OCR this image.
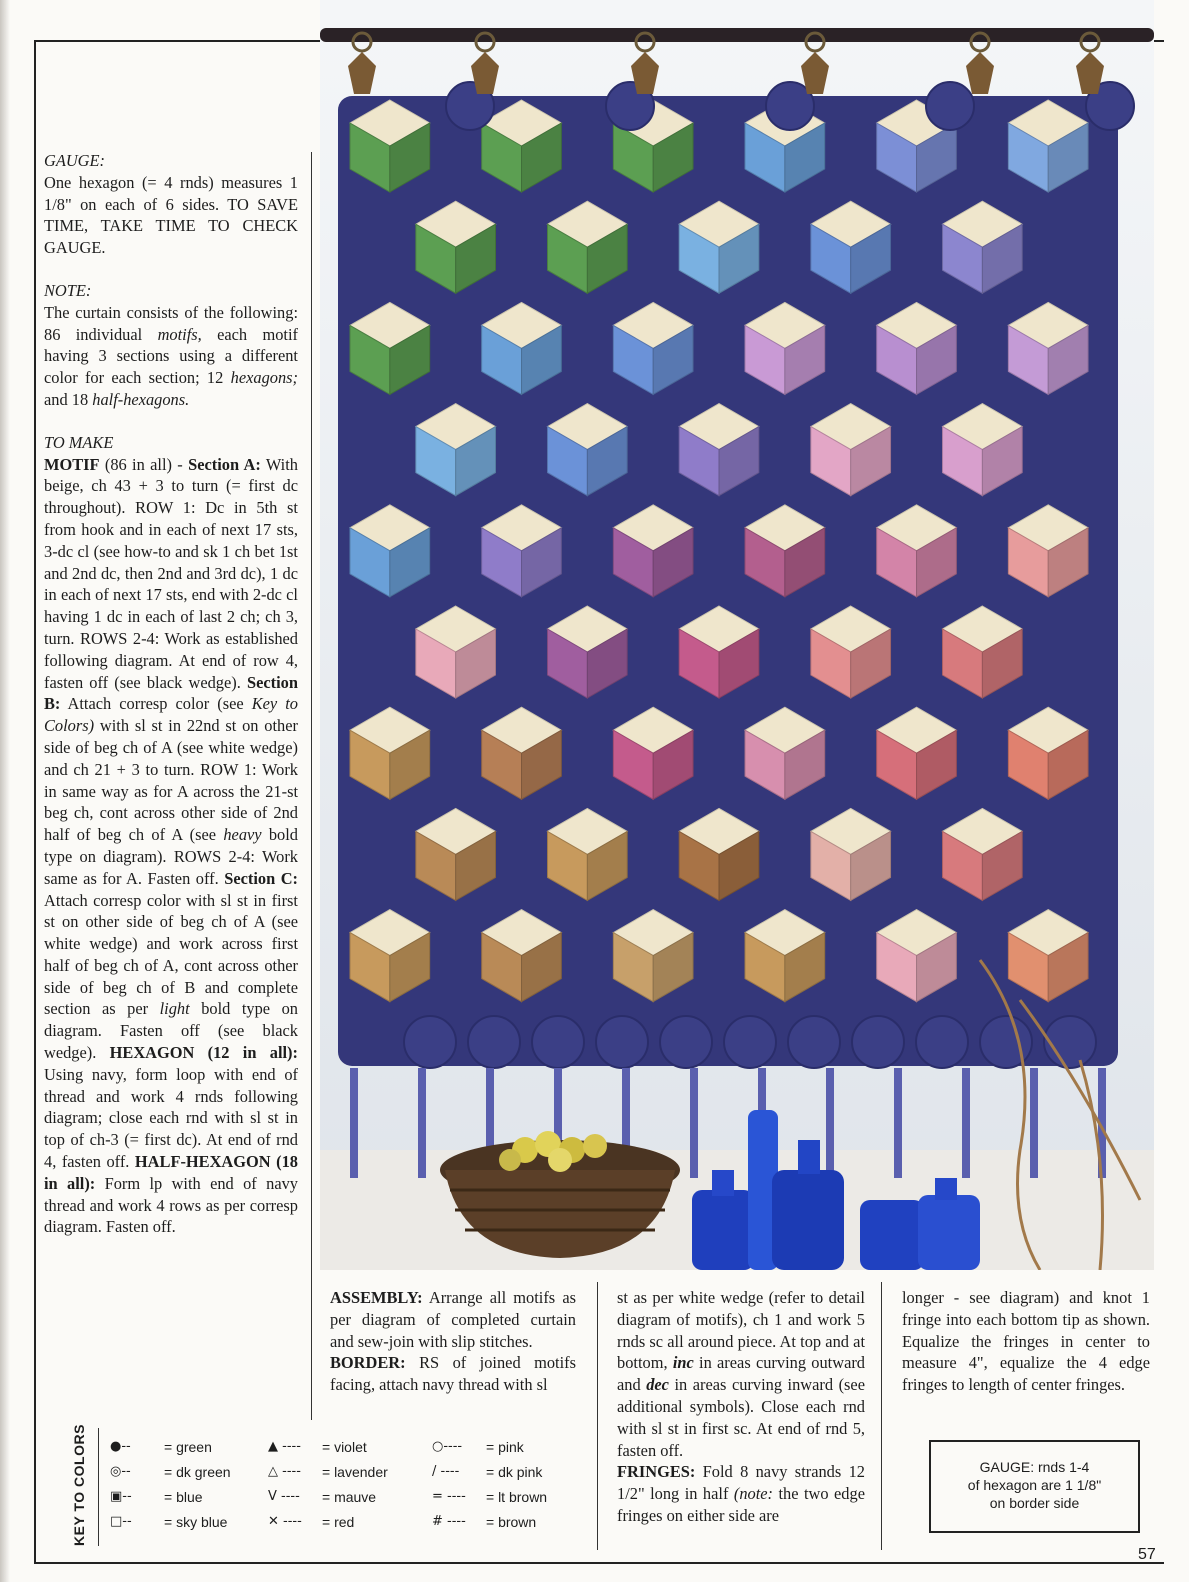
GAUGE:
One hexagon (= 4 rnds) measures 1 1/8" on each of 6 sides. TO SAVE TIME, TAKE TIME TO CHECK GAUGE.

NOTE:
The curtain consists of the following: 86 individual motifs, each motif having 3 sections using a different color for each section; 12 hexagons; and 18 half-hexagons.

TO MAKE
MOTIF (86 in all) - Section A: With beige, ch 43 + 3 to turn (= first dc throughout). ROW 1: Dc in 5th st from hook and in each of next 17 sts, 3-dc cl (see how-to and sk 1 ch bet 1st and 2nd dc, then 2nd and 3rd dc), 1 dc in each of next 17 sts, end with 2-dc cl having 1 dc in each of last 2 ch; ch 3, turn. ROWS 2-4: Work as established following diagram. At end of row 4, fasten off (see black wedge). Section B: Attach corresp color (see Key to Colors) with sl st in 22nd st on other side of beg ch of A (see white wedge) and ch 21 + 3 to turn. ROW 1: Work in same way as for A across the 21-st beg ch, cont across other side of 2nd half of beg ch of A (see heavy bold type on diagram). ROWS 2-4: Work same as for A. Fasten off. Section C: Attach corresp color with sl st in first st on other side of beg ch of A (see white wedge) and work across first half of beg ch of A, cont across other side of beg ch of B and complete section as per light bold type on diagram. Fasten off (see black wedge). HEXAGON (12 in all): Using navy, form loop with end of thread and work 4 rnds following diagram; close each rnd with sl st in top of ch-3 (= first dc). At end of rnd 4, fasten off. HALF-HEXAGON (18 in all): Form lp with end of navy thread and work 4 rows as per corresp diagram. Fasten off.

ASSEMBLY: Arrange all motifs as per diagram of completed curtain and sew-join with slip stitches.
BORDER: RS of joined motifs facing, attach navy thread with sl
st as per white wedge (refer to detail diagram of motifs), ch 1 and work 5 rnds sc all around piece. At top and at bottom, inc in areas curving outward and dec in areas curving inward (see additional symbols). Close each rnd with sl st in first sc. At end of rnd 5, fasten off.
FRINGES: Fold 8 navy strands 12 1/2" long in half (note: the two edge fringes on either side are
longer - see diagram) and knot 1 fringe into each bottom tip as shown. Equalize the fringes in center to measure 4", equalize the 4 edge fringes to length of center fringes.
KEY TO COLORS ●--	= green
◎--	= dk green
▣--	= blue
□--	= sky blue
▲ ----	= violet
△ ----	= lavender
V ----	= mauve
✕ ----	= red
○----	= pink
/ ----	= dk pink
= ----	= lt brown
# ----	= brown
GAUGE: rnds 1-4
of hexagon are 1 1/8"
on border side
57
